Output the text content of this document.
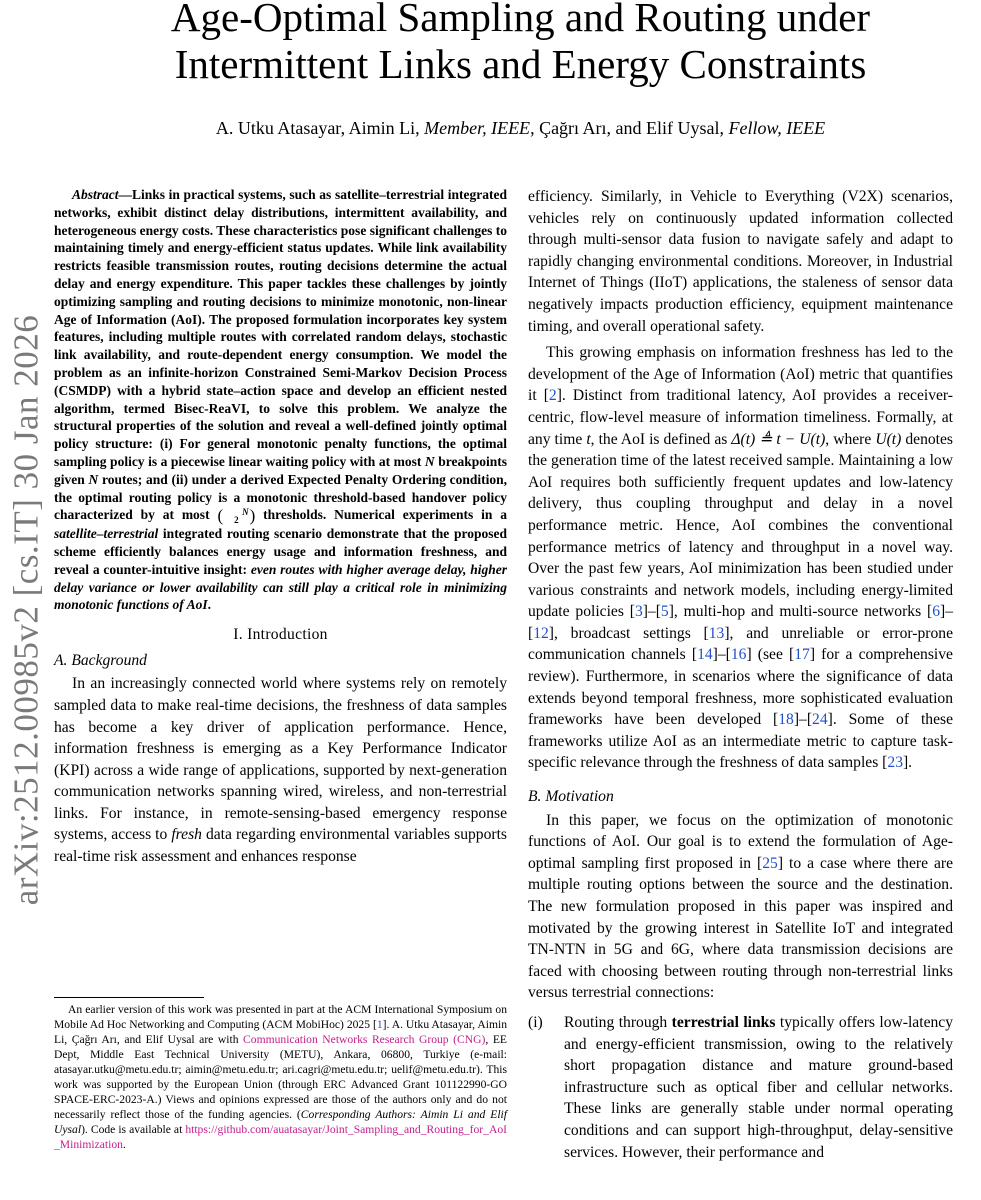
arXiv:2512.00985v2 [cs.IT] 30 Jan 2026
Age-Optimal Sampling and Routing under
Intermittent Links and Energy Constraints
A. Utku Atasayar, Aimin Li, Member, IEEE, Çağrı Arı, and Elif Uysal, Fellow, IEEE

Abstract—Links in practical systems, such as satellite–terrestrial integrated networks, exhibit distinct delay distributions, intermittent availability, and heterogeneous energy costs. These characteristics pose significant challenges to maintaining timely and energy-efficient status updates. While link availability restricts feasible transmission routes, routing decisions determine the actual delay and energy expenditure. This paper tackles these challenges by jointly optimizing sampling and routing decisions to minimize monotonic, non-linear Age of Information (AoI). The proposed formulation incorporates key system features, including multiple routes with correlated random delays, stochastic link availability, and route-dependent energy consumption. We model the problem as an infinite-horizon Constrained Semi-Markov Decision Process (CSMDP) with a hybrid state–action space and develop an efficient nested algorithm, termed Bisec-ReaVI, to solve this problem. We analyze the structural properties of the solution and reveal a well-defined jointly optimal policy structure: (i) For general monotonic penalty functions, the optimal sampling policy is a piecewise linear waiting policy with at most N breakpoints given N routes; and (ii) under a derived Expected Penalty Ordering condition, the optimal routing policy is a monotonic threshold-based handover policy characterized by at most ( N
2 ) thresholds. Numerical experiments in a satellite–terrestrial integrated routing scenario demonstrate that the proposed scheme efficiently balances energy usage and information freshness, and reveal a counter-intuitive insight: even routes with higher average delay, higher delay variance or lower availability can still play a critical role in minimizing monotonic functions of AoI.

I. Introduction
A. Background

In an increasingly connected world where systems rely on remotely sampled data to make real-time decisions, the freshness of data samples has become a key driver of application performance. Hence, information freshness is emerging as a Key Performance Indicator (KPI) across a wide range of applications, supported by next-generation communication networks spanning wired, wireless, and non-terrestrial links. For instance, in remote-sensing-based emergency response systems, access to fresh data regarding environmental variables supports real-time risk assessment and enhances response

An earlier version of this work was presented in part at the ACM International Symposium on Mobile Ad Hoc Networking and Computing (ACM MobiHoc) 2025 [1]. A. Utku Atasayar, Aimin Li, Çağrı Arı, and Elif Uysal are with Communication Networks Research Group (CNG), EE Dept, Middle East Technical University (METU), Ankara, 06800, Turkiye (e-mail: atasayar.utku@metu.edu.tr; aimin@metu.edu.tr; ari.cagri@metu.edu.tr; uelif@metu.edu.tr). This work was supported by the European Union (through ERC Advanced Grant 101122990-GO SPACE-ERC-2023-A.) Views and opinions expressed are those of the authors only and do not necessarily reflect those of the funding agencies. (Corresponding Authors: Aimin Li and Elif Uysal). Code is available at https://github.com/auatasayar/Joint_Sampling_and_Routing_for_AoI_Minimization.

efficiency. Similarly, in Vehicle to Everything (V2X) scenarios, vehicles rely on continuously updated information collected through multi-sensor data fusion to navigate safely and adapt to rapidly changing environmental conditions. Moreover, in Industrial Internet of Things (IIoT) applications, the staleness of sensor data negatively impacts production efficiency, equipment maintenance timing, and overall operational safety.

This growing emphasis on information freshness has led to the development of the Age of Information (AoI) metric that quantifies it [2]. Distinct from traditional latency, AoI provides a receiver-centric, flow-level measure of information timeliness. Formally, at any time t, the AoI is defined as Δ(t) ≜ t − U(t), where U(t) denotes the generation time of the latest received sample. Maintaining a low AoI requires both sufficiently frequent updates and low-latency delivery, thus coupling throughput and delay in a novel performance metric. Hence, AoI combines the conventional performance metrics of latency and throughput in a novel way. Over the past few years, AoI minimization has been studied under various constraints and network models, including energy-limited update policies [3]–[5], multi-hop and multi-source networks [6]–[12], broadcast settings [13], and unreliable or error-prone communication channels [14]–[16] (see [17] for a comprehensive review). Furthermore, in scenarios where the significance of data extends beyond temporal freshness, more sophisticated evaluation frameworks have been developed [18]–[24]. Some of these frameworks utilize AoI as an intermediate metric to capture task-specific relevance through the freshness of data samples [23].

B. Motivation

In this paper, we focus on the optimization of monotonic functions of AoI. Our goal is to extend the formulation of Age-optimal sampling first proposed in [25] to a case where there are multiple routing options between the source and the destination. The new formulation proposed in this paper was inspired and motivated by the growing interest in Satellite IoT and integrated TN-NTN in 5G and 6G, where data transmission decisions are faced with choosing between routing through non-terrestrial links versus terrestrial connections:

(i)	Routing through terrestrial links typically offers low-latency and energy-efficient transmission, owing to the relatively short propagation distance and mature ground-based infrastructure such as optical fiber and cellular networks. These links are generally stable under normal operating conditions and can support high-throughput, delay-sensitive services. However, their performance and
